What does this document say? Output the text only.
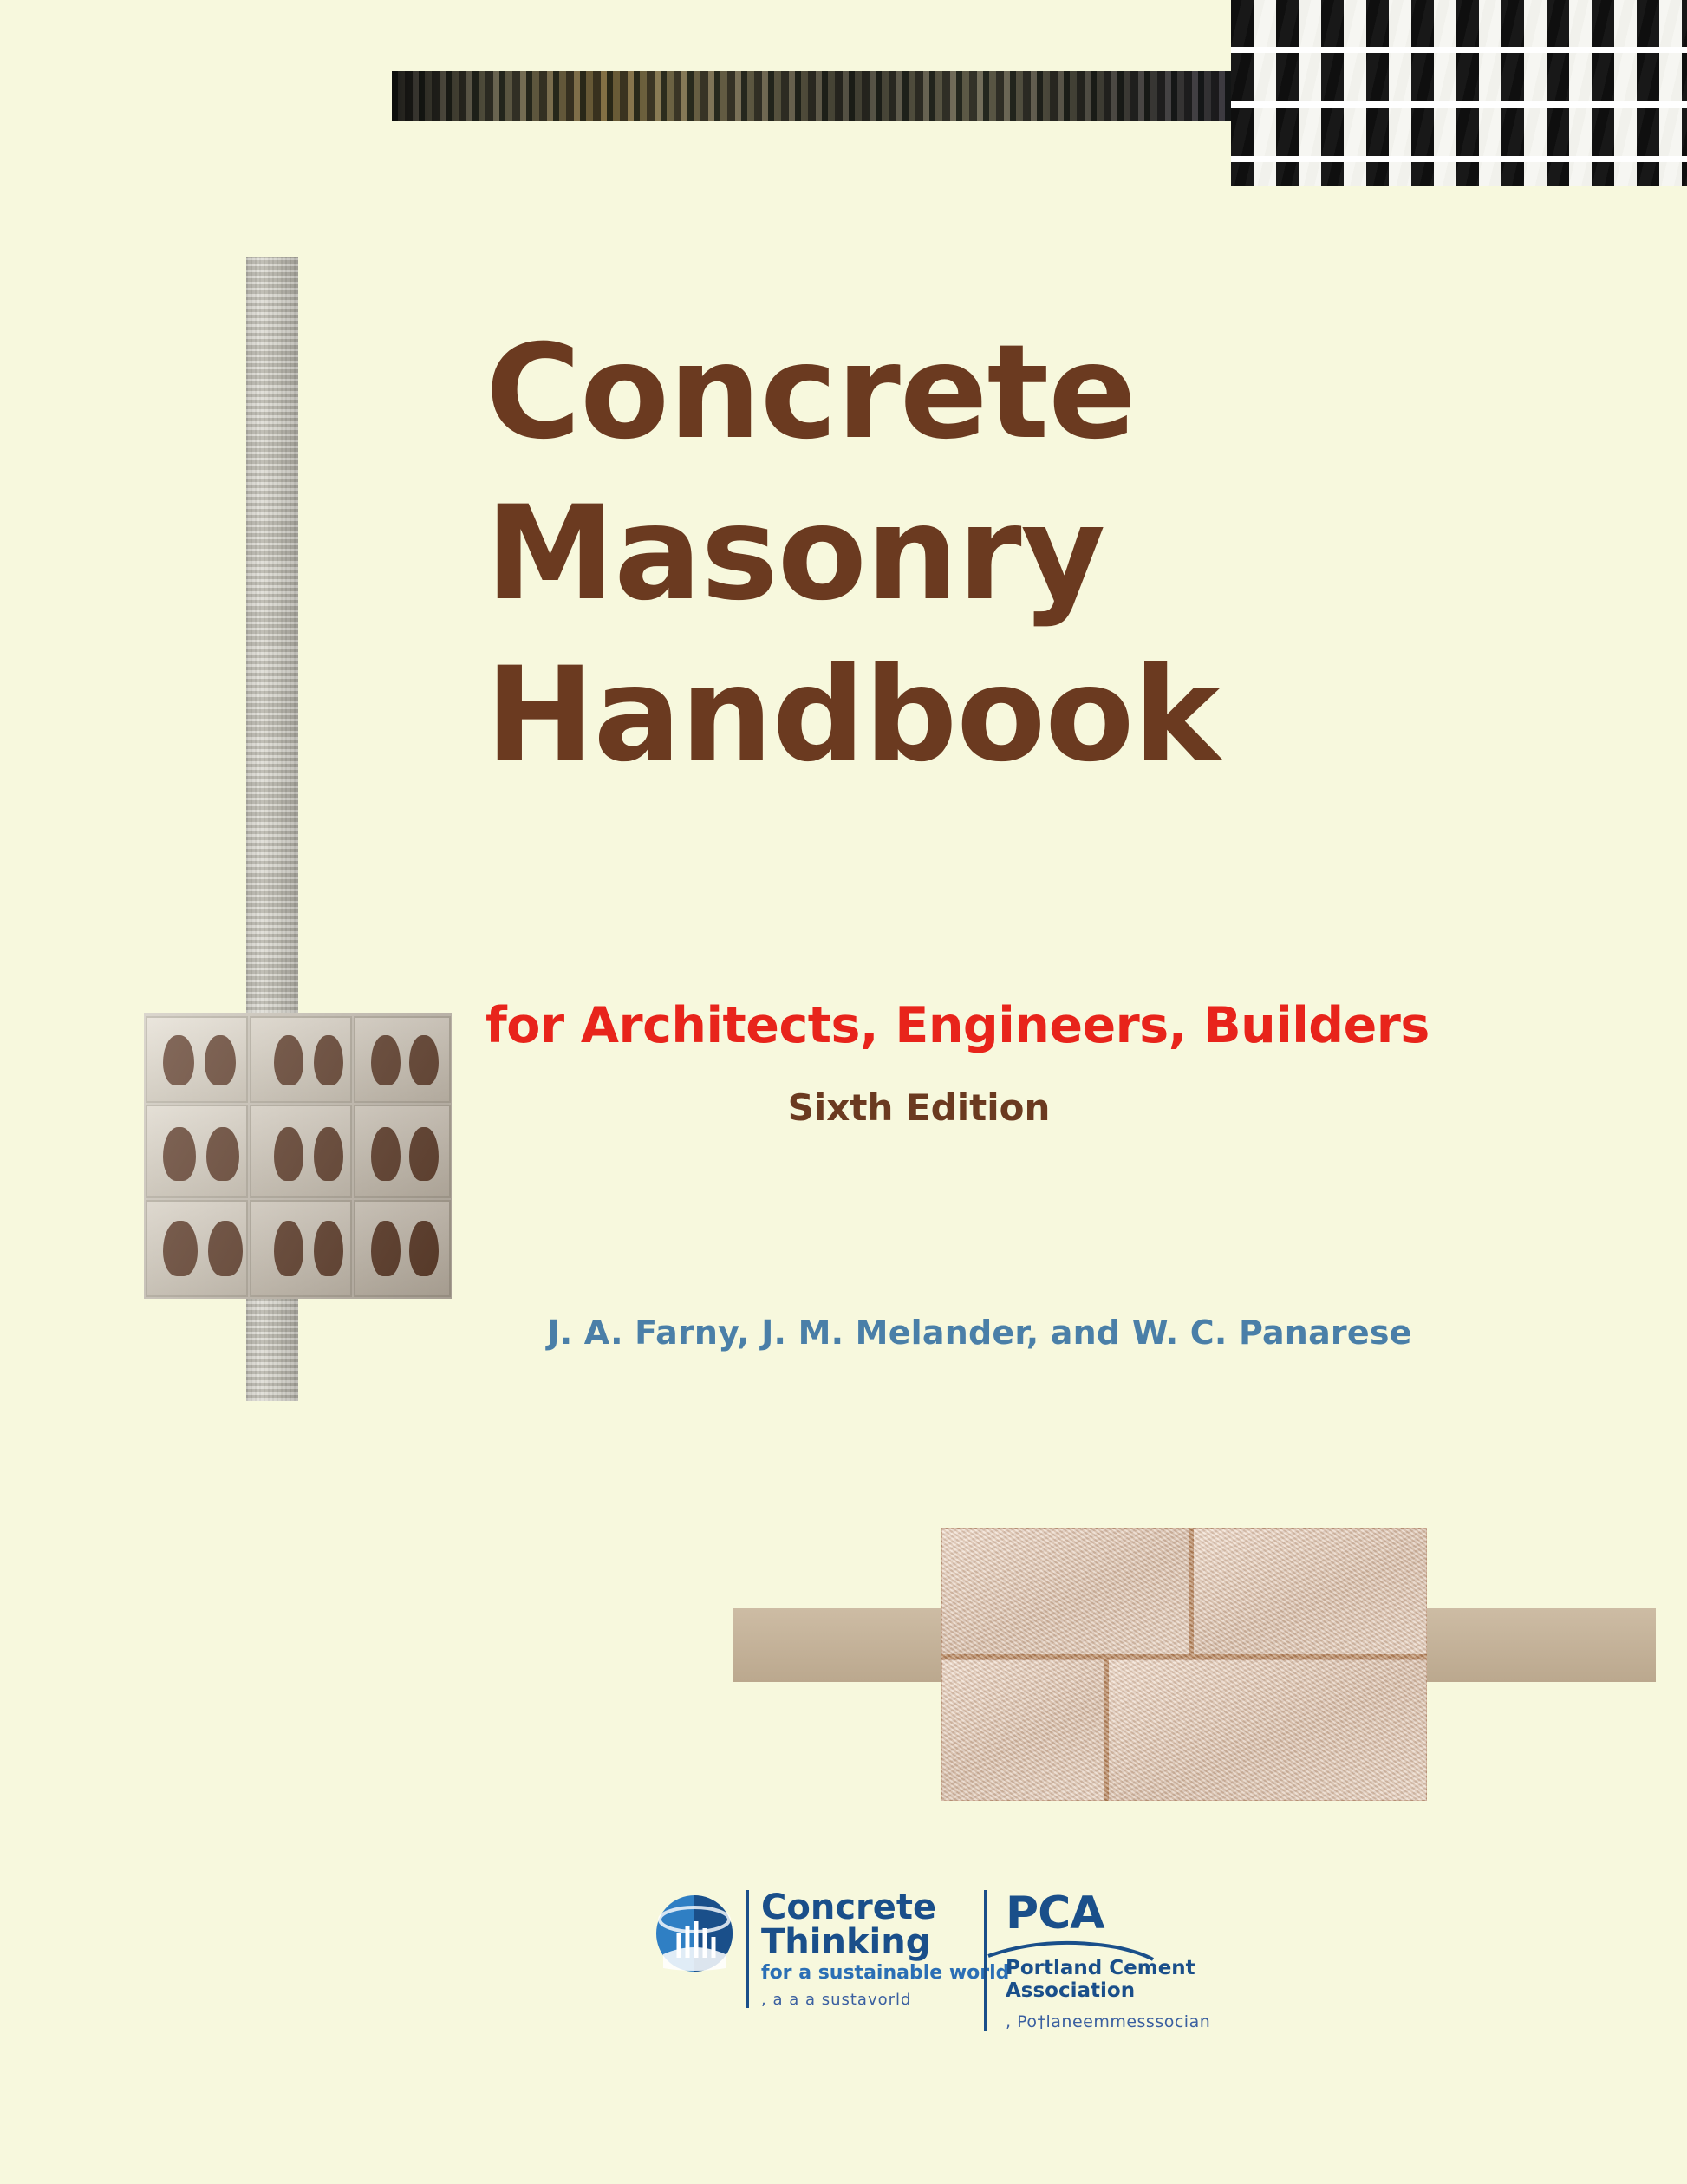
Concrete
Masonry
Handbook
for Architects, Engineers, Builders
Sixth Edition
J. A. Farny, J. M. Melander, and W. C. Panarese
Concrete
Thinking
for a sustainable world
, a a a sustavorld
PCA
Portland Cement Association
, Po†laneemmesssocian
